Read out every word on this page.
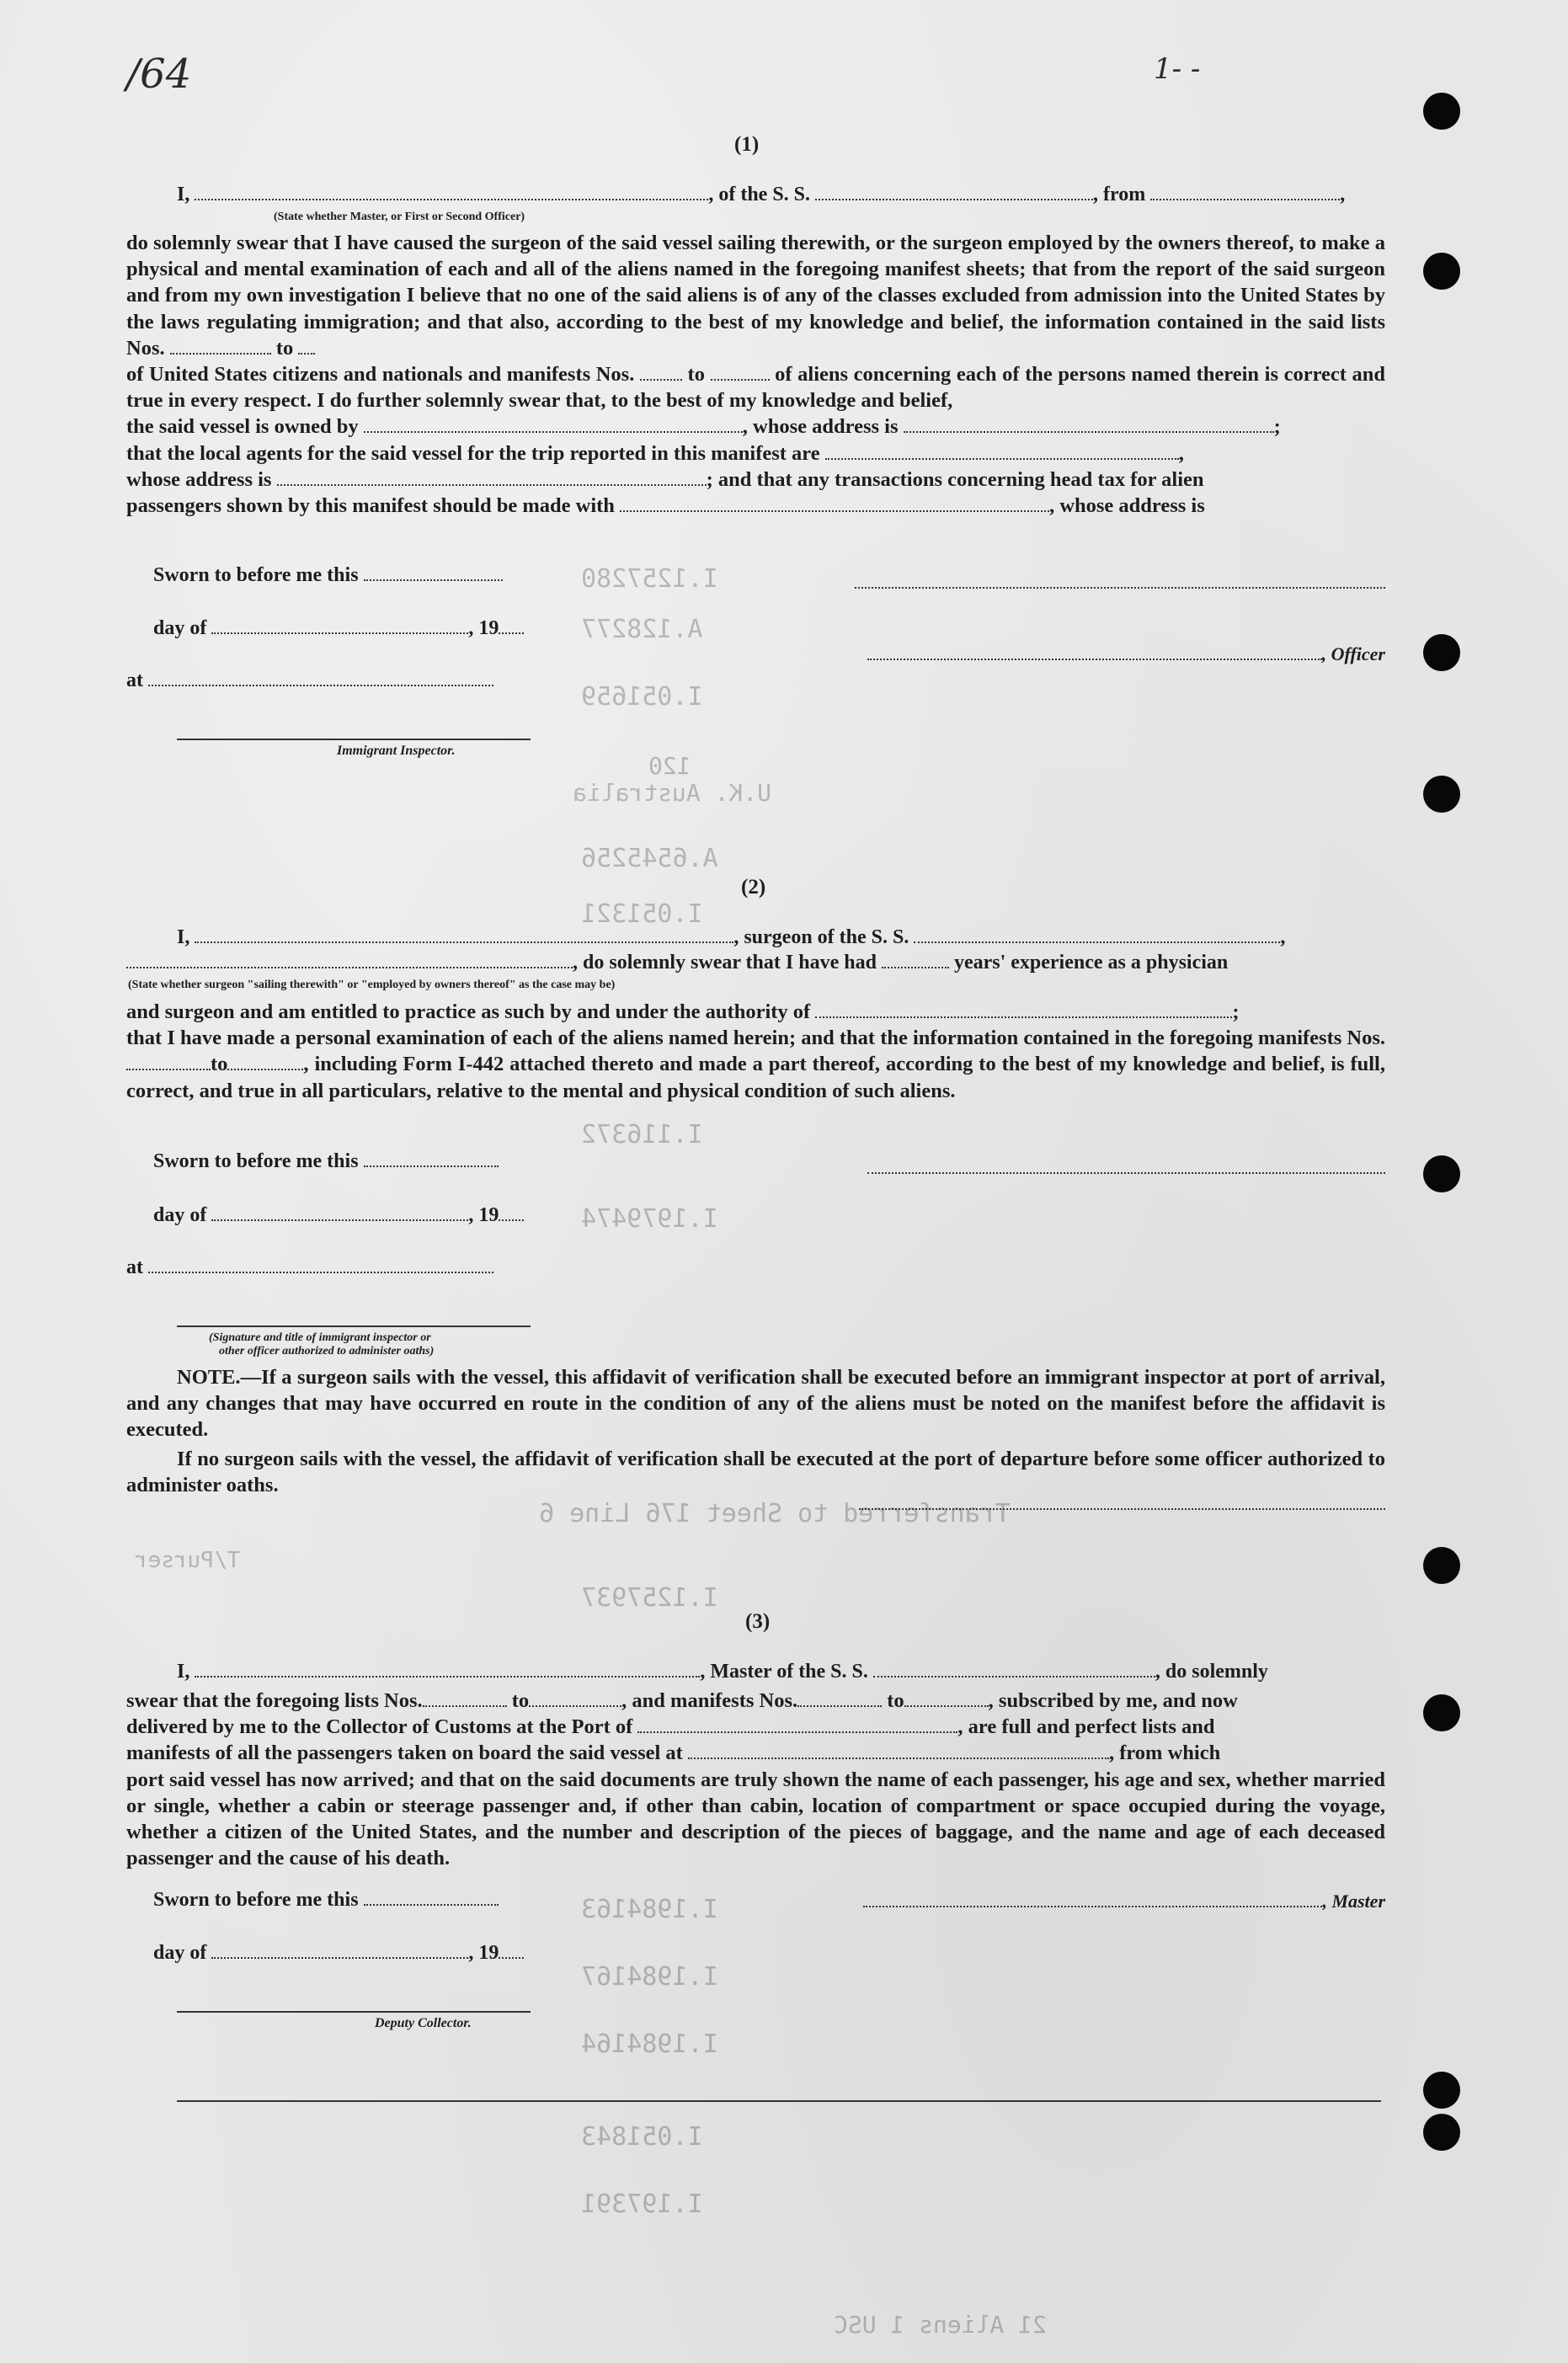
Transferred to Sheet 176 Line 6
T/Purser
21 Aliens 1 USC
I.1257937
I.1984163
I.1984167
I.1984164
I.051843
I.197391
I.051659
A.128277
I.1257280
A.6545256
I.051321
I.116372
I.1979474
U.K. Australia
120
/64	1- -
(1)
I,	, of the S. S.	, from	,
(State whether Master, or First or Second Officer)

do solemnly swear that I have caused the surgeon of the said vessel sailing therewith, or the surgeon employed by the owners thereof, to make a physical and mental examination of each and all of the aliens named in the foregoing manifest sheets; that from the report of the said surgeon and from my own investigation I believe that no one of the said aliens is of any of the classes excluded from admission into the United States by the laws regulating immigration; and that also, according to the best of my knowledge and belief, the information contained in the said lists Nos.	to

of United States citizens and nationals and manifests Nos.	to	of aliens concerning each of the persons named therein is correct and true in every respect. I do further solemnly swear that, to the best of my knowledge and belief,

the said vessel is owned by	, whose address is	;

that the local agents for the said vessel for the trip reported in this manifest are	,

whose address is	; and that any transactions concerning head tax for alien

passengers shown by this manifest should be made with	, whose address is

Sworn to before me this
day of	, 19
at
Immigrant Inspector.
, Officer
(2)
I,	, surgeon of the S. S.	,
, do solemnly swear that I have had	years' experience as a physician
(State whether surgeon "sailing therewith" or "employed by owners thereof" as the case may be)

and surgeon and am entitled to practice as such by and under the authority of	;

that I have made a personal examination of each of the aliens named herein; and that the information contained in the foregoing manifests Nos.to	, including Form I-442 attached thereto and made a part thereof, according to the best of my knowledge and belief, is full, correct, and true in all particulars, relative to the mental and physical condition of such aliens.

Sworn to before me this
day of	, 19
at
(Signature and title of immigrant inspector or
other officer authorized to administer oaths)

NOTE.—If a surgeon sails with the vessel, this affidavit of verification shall be executed before an immigrant inspector at port of arrival, and any changes that may have occurred en route in the condition of any of the aliens must be noted on the manifest before the affidavit is executed.

If no surgeon sails with the vessel, the affidavit of verification shall be executed at the port of departure before some officer authorized to administer oaths.

(3)
I,	, Master of the S. S.	, do solemnly

swear that the foregoing lists Nos.	to	, and manifests Nos.	to	, subscribed by me, and now

delivered by me to the Collector of Customs at the Port of	, are full and perfect lists and

manifests of all the passengers taken on board the said vessel at	, from which

port said vessel has now arrived; and that on the said documents are truly shown the name of each passenger, his age and sex, whether married or single, whether a cabin or steerage passenger and, if other than cabin, location of compartment or space occupied during the voyage, whether a citizen of the United States, and the number and description of the pieces of baggage, and the name and age of each deceased passenger and the cause of his death.

Sworn to before me this
day of	, 19
Deputy Collector.
, Master
